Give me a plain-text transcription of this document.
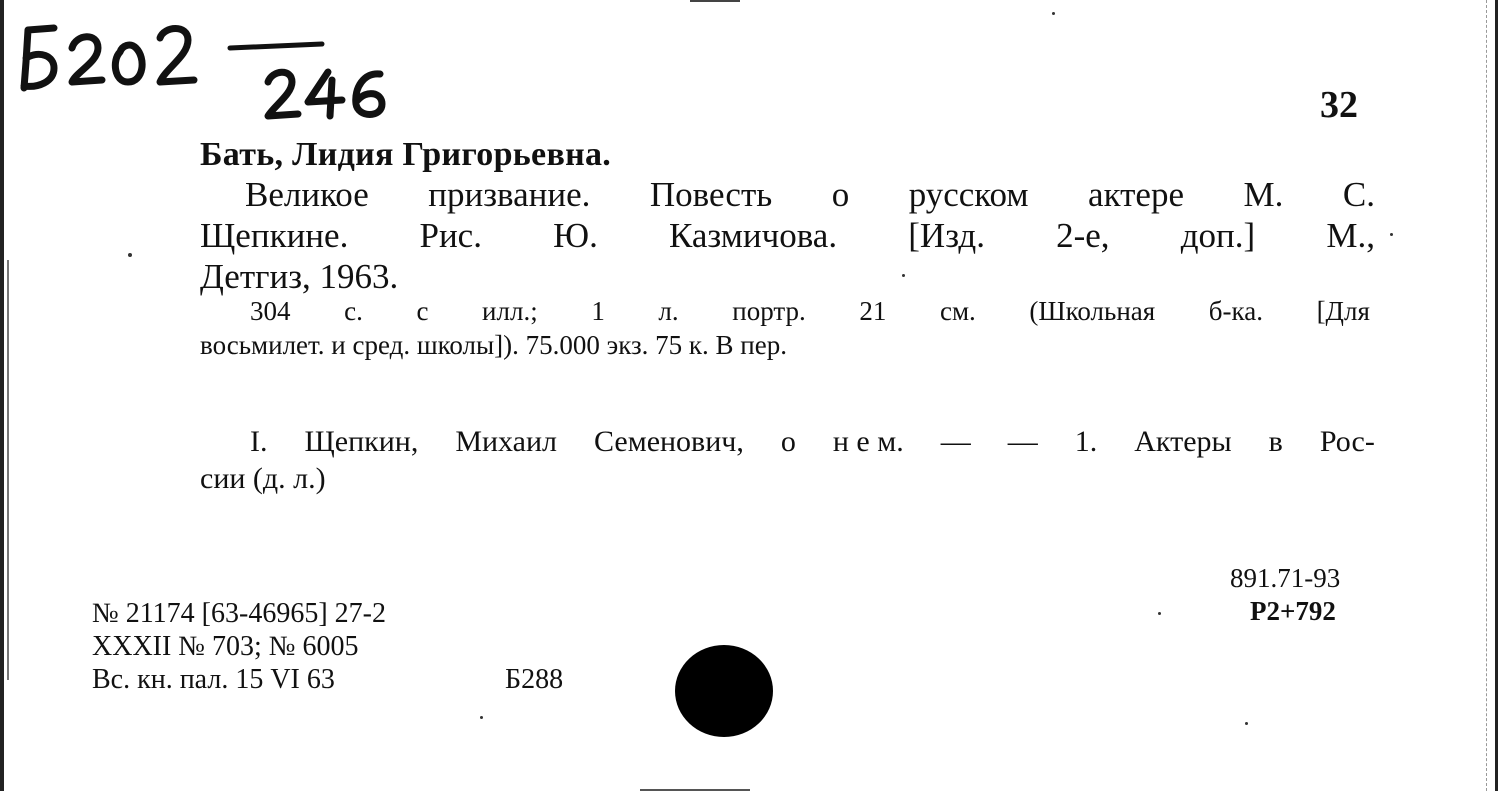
32
Бать, Лидия Григорьевна.
Великое призвание. Повесть о русском актере М. С.
Щепкине. Рис. Ю. Казмичова. [Изд. 2-е, доп.] М.,
Детгиз, 1963.
304 с. с илл.; 1 л. портр. 21 см. (Школьная б-ка. [Для
восьмилет. и сред. школы]). 75.000 экз. 75 к. В пер.
I. Щепкин, Михаил Семенович, о н е м. — — 1. Актеры в Рос-
сии (д. л.)
891.71-93
Р2+792
№ 21174 [63-46965] 27-2
XXXII № 703; № 6005
Вс. кн. пал. 15 VI 63	Б288
